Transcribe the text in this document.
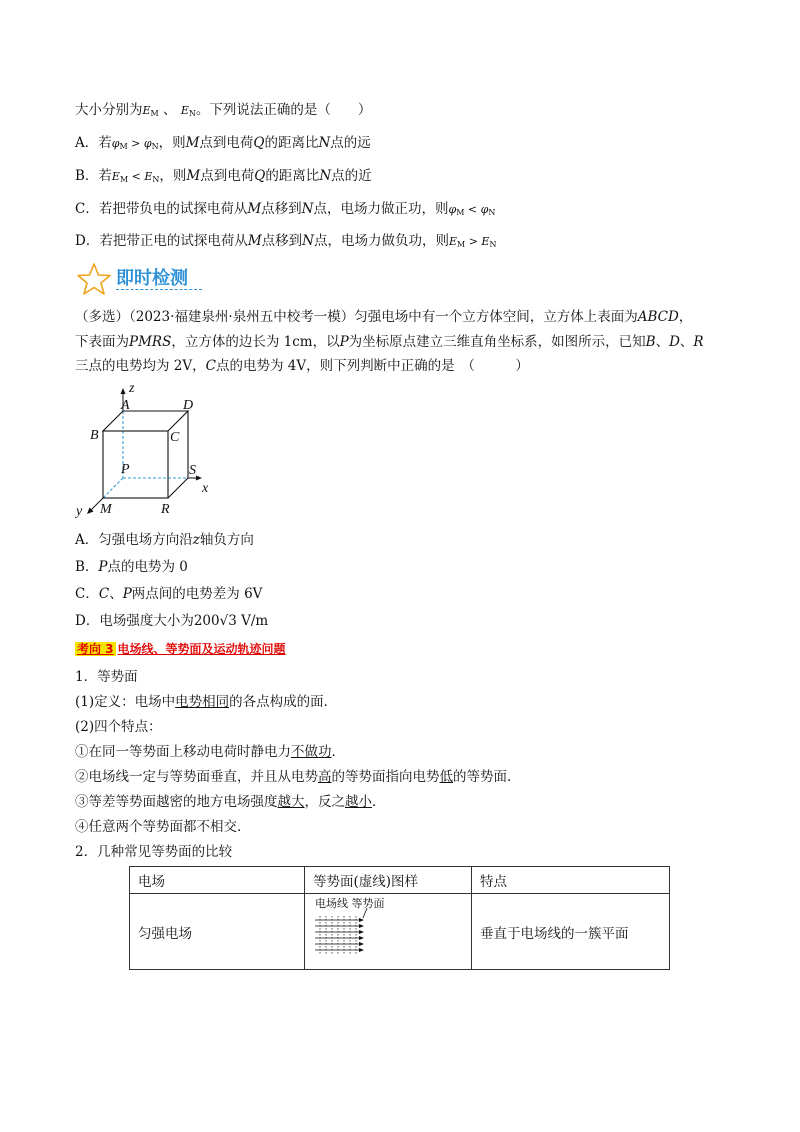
大小分别为$E_M$ 、 $E_N$。下列说法正确的是（　　）
A．若$\varphi_M > \varphi_N$，则M点到电荷Q的距离比N点的远
B．若$E_M < E_N$，则M点到电荷Q的距离比N点的近
C．若把带负电的试探电荷从M点移到N点，电场力做正功，则$\varphi_M < \varphi_N$
D．若把带正电的试探电荷从M点移到N点，电场力做负功，则$E_M > E_N$
即时检测
（多选）（2023·福建泉州·泉州五中校考一模）匀强电场中有一个立方体空间，立方体上表面为ABCD，
下表面为PMRS，立方体的边长为 1cm，以P为坐标原点建立三维直角坐标系，如图所示，已知B、D、R
三点的电势均为 2V，C点的电势为 4V，则下列判断中正确的是　（　　　）
z
A	D
B	C
P	S
x
y M	R
A．匀强电场方向沿z轴负方向
B．P点的电势为 0
C．C、P两点间的电势差为 6V
D．电场强度大小为200√3 V/m
考向 3 电场线、等势面及运动轨迹问题
1．等势面
(1)定义：电场中电势相同的各点构成的面．
(2)四个特点：
①在同一等势面上移动电荷时静电力不做功．
②电场线一定与等势面垂直，并且从电势高的等势面指向电势低的等势面．
③等差等势面越密的地方电场强度越大，反之越小．
④任意两个等势面都不相交．
2．几种常见等势面的比较
电场	等势面(虚线)图样	特点
匀强电场	电场线 等势面	垂直于电场线的一簇平面
